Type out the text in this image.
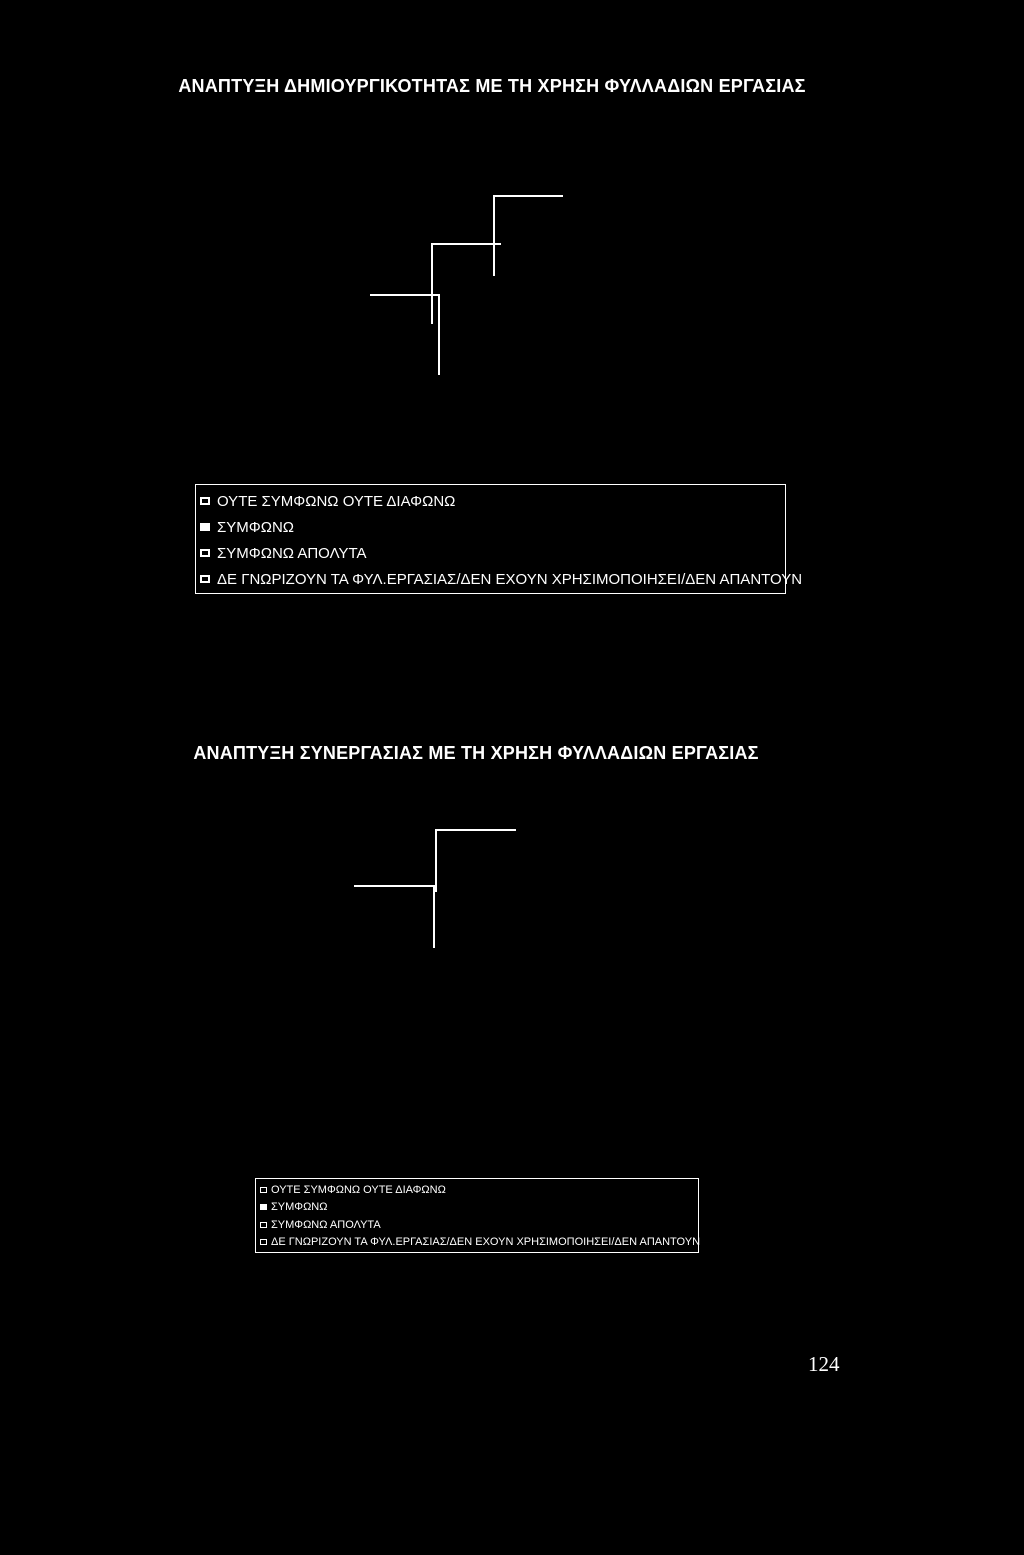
ΑΝΑΠΤΥΞΗ ΔΗΜΙΟΥΡΓΙΚΟΤΗΤΑΣ ΜΕ ΤΗ ΧΡΗΣΗ ΦΥΛΛΑΔΙΩΝ ΕΡΓΑΣΙΑΣ
ΟΥΤΕ ΣΥΜΦΩΝΩ ΟΥΤΕ ΔΙΑΦΩΝΩ
ΣΥΜΦΩΝΩ
ΣΥΜΦΩΝΩ ΑΠΟΛΥΤΑ
ΔΕ ΓΝΩΡΙΖΟΥΝ ΤΑ ΦΥΛ.ΕΡΓΑΣΙΑΣ/ΔΕΝ ΕΧΟΥΝ ΧΡΗΣΙΜΟΠΟΙΗΣΕΙ/ΔΕΝ ΑΠΑΝΤΟΥΝ
ΑΝΑΠΤΥΞΗ ΣΥΝΕΡΓΑΣΙΑΣ ΜΕ ΤΗ ΧΡΗΣΗ ΦΥΛΛΑΔΙΩΝ ΕΡΓΑΣΙΑΣ
ΟΥΤΕ ΣΥΜΦΩΝΩ ΟΥΤΕ ΔΙΑΦΩΝΩ
ΣΥΜΦΩΝΩ
ΣΥΜΦΩΝΩ ΑΠΟΛΥΤΑ
ΔΕ ΓΝΩΡΙΖΟΥΝ ΤΑ ΦΥΛ.ΕΡΓΑΣΙΑΣ/ΔΕΝ ΕΧΟΥΝ ΧΡΗΣΙΜΟΠΟΙΗΣΕΙ/ΔΕΝ ΑΠΑΝΤΟΥΝ
124
